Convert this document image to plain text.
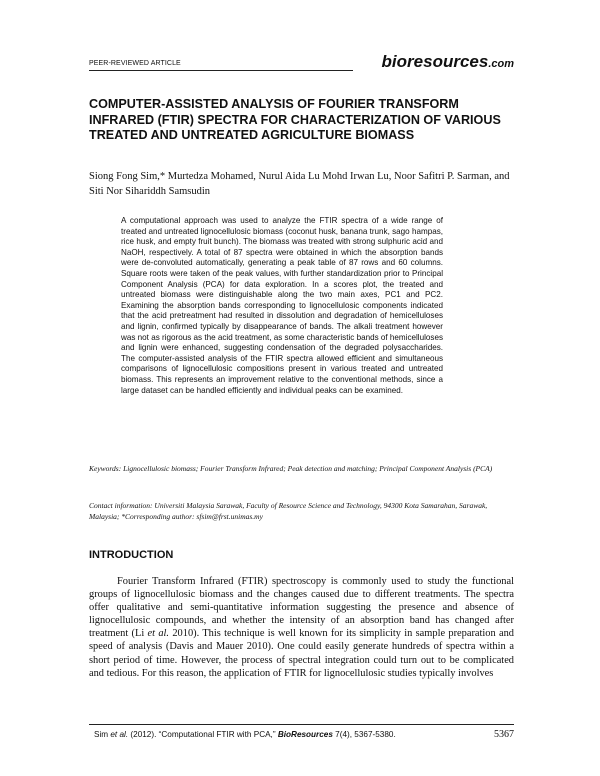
PEER-REVIEWED ARTICLE	bioresources.com
COMPUTER-ASSISTED ANALYSIS OF FOURIER TRANSFORM INFRARED (FTIR) SPECTRA FOR CHARACTERIZATION OF VARIOUS TREATED AND UNTREATED AGRICULTURE BIOMASS

Siong Fong Sim,* Murtedza Mohamed, Nurul Aida Lu Mohd Irwan Lu, Noor Safitri P. Sarman, and Siti Nor Sihariddh Samsudin

A computational approach was used to analyze the FTIR spectra of a wide range of treated and untreated lignocellulosic biomass (coconut husk, banana trunk, sago hampas, rice husk, and empty fruit bunch). The biomass was treated with strong sulphuric acid and NaOH, respectively. A total of 87 spectra were obtained in which the absorption bands were de-convoluted automatically, generating a peak table of 87 rows and 60 columns. Square roots were taken of the peak values, with further standardization prior to Principal Component Analysis (PCA) for data exploration. In a scores plot, the treated and untreated biomass were distinguishable along the two main axes, PC1 and PC2. Examining the absorption bands corresponding to lignocellulosic components indicated that the acid pretreatment had resulted in dissolution and degradation of hemicelluloses and lignin, confirmed typically by disappearance of bands. The alkali treatment however was not as rigorous as the acid treatment, as some characteristic bands of hemicelluloses and lignin were enhanced, suggesting condensation of the degraded polysaccharides. The computer-assisted analysis of the FTIR spectra allowed efficient and simultaneous comparisons of lignocellulosic compositions present in various treated and untreated biomass. This represents an improvement relative to the conventional methods, since a large dataset can be handled efficiently and individual peaks can be examined.

Keywords: Lignocellulosic biomass; Fourier Transform Infrared; Peak detection and matching; Principal Component Analysis (PCA)

Contact information: Universiti Malaysia Sarawak, Faculty of Resource Science and Technology, 94300 Kota Samarahan, Sarawak, Malaysia; *Corresponding author: sfsim@frst.unimas.my

INTRODUCTION

Fourier Transform Infrared (FTIR) spectroscopy is commonly used to study the functional groups of lignocellulosic biomass and the changes caused due to different treatments. The spectra offer qualitative and semi-quantitative information suggesting the presence and absence of lignocellulosic compounds, and whether the intensity of an absorption band has changed after treatment (Li et al. 2010). This technique is well known for its simplicity in sample preparation and speed of analysis (Davis and Mauer 2010). One could easily generate hundreds of spectra within a short period of time. However, the process of spectral integration could turn out to be complicated and tedious. For this reason, the application of FTIR for lignocellulosic studies typically involves

Sim et al. (2012). “Computational FTIR with PCA,” BioResources 7(4), 5367-5380.	5367
